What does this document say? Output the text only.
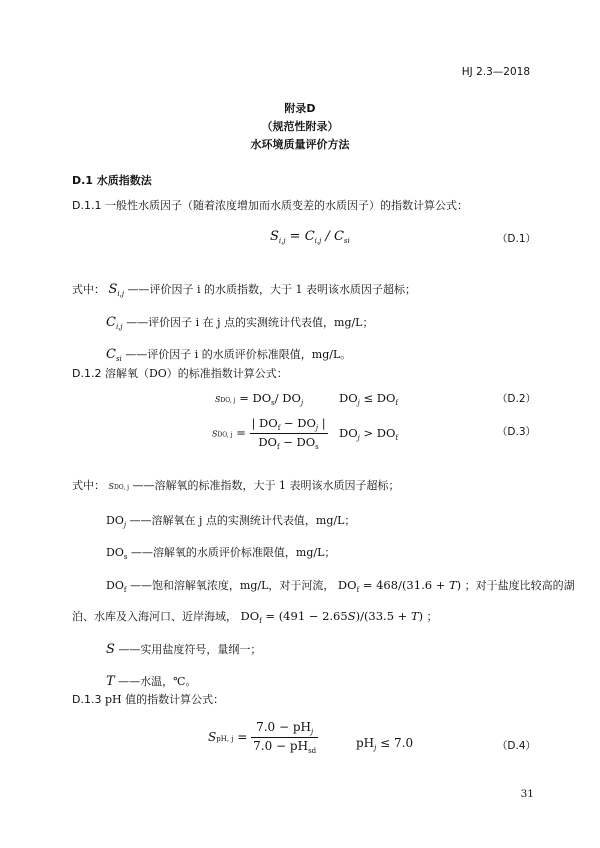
HJ 2.3—2018
附录D
（规范性附录）
水环境质量评价方法
D.1 水质指数法
D.1.1 一般性水质因子（随着浓度增加而水质变差的水质因子）的指数计算公式：
$S_{i,j} = C_{i,j} / C_{si}$	（D.1）
式中： $S_{i,j}$ ——评价因子 i 的水质指数，大于 1 表明该水质因子超标；
$C_{i,j}$ ——评价因子 i 在 j 点的实测统计代表值，mg/L；
$C_{si}$ ——评价因子 i 的水质评价标准限值，mg/L。
D.1.2 溶解氧（DO）的标准指数计算公式：
SDO, $j = DO_s/$ $DO_j$	$DO_j \le DO_f$	（D.2）
SDO, $j = \frac{| DO_f - DO_j |}{DO_f - DO_s} DO_j > DO_f$	（D.3）
式中： SDO, j ——溶解氧的标准指数，大于 1 表明该水质因子超标；
$DO_j$ ——溶解氧在 j 点的实测统计代表值，mg/L；
$DO_s$ ——溶解氧的水质评价标准限值，mg/L；
$DO_f$ ——饱和溶解氧浓度，mg/L，对于河流， $DO_f = 468/(31.6 + T)$ ；对于盐度比较高的湖
泊、水库及入海河口、近岸海域， $DO_f = (491 - 2.65S)/(33.5 + T)$ ；
S ——实用盐度符号，量纲一；
T ——水温，℃。
D.1.3 pH 值的指数计算公式：
SpH, $j = \frac{7.0 - pH_j}{7.0 - pH_{sd}}$	$pH_j \le 7.0$	（D.4）
31
